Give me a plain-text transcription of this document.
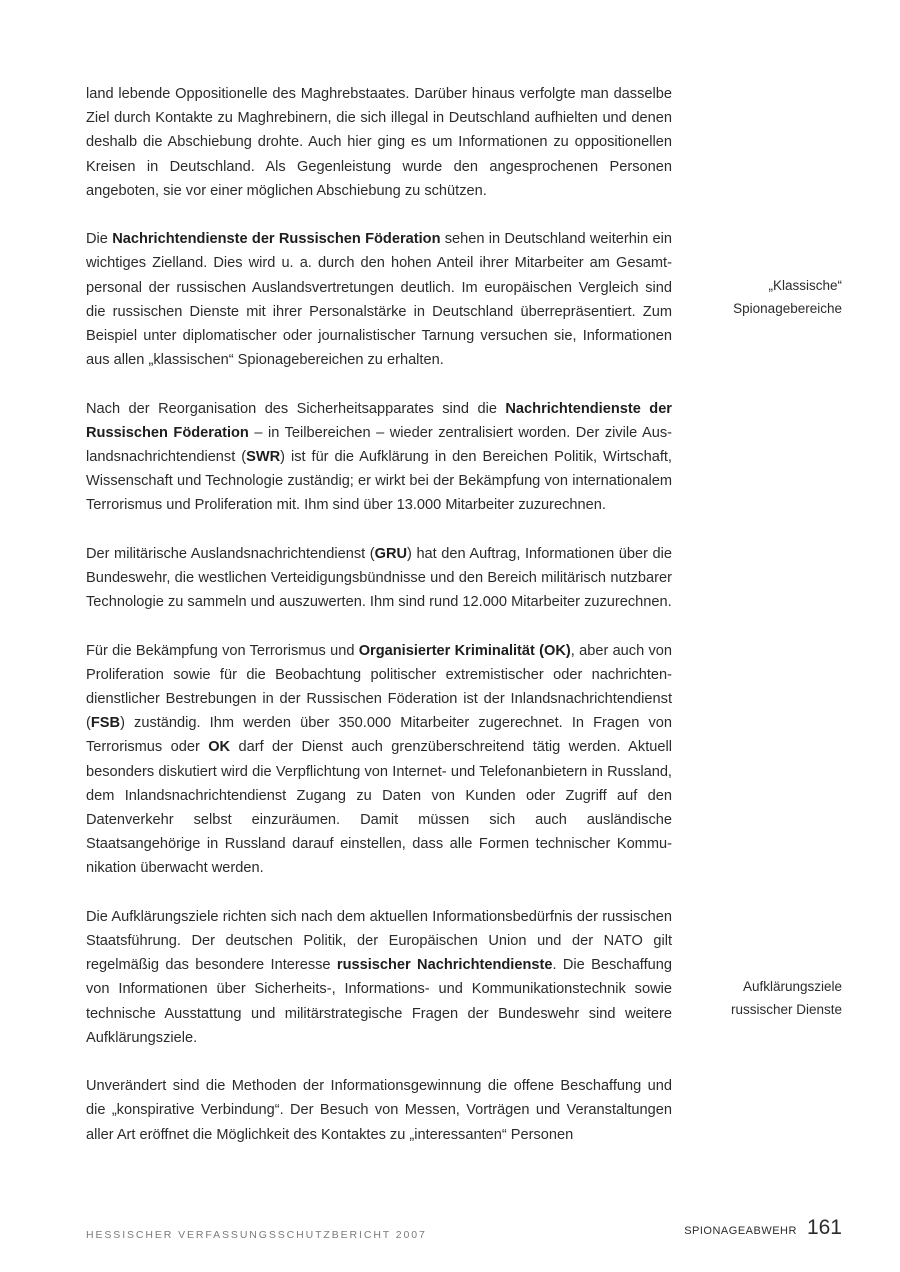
land lebende Oppositionelle des Maghrebstaates. Darüber hinaus verfolgte man dasselbe Ziel durch Kontakte zu Maghrebinern, die sich illegal in Deutschland aufhielten und denen deshalb die Abschiebung drohte. Auch hier ging es um Informationen zu oppositionellen Kreisen in Deutschland. Als Gegenleistung wurde den angesprochenen Personen angeboten, sie vor einer möglichen Abschiebung zu schützen.

Die Nachrichtendienste der Russischen Föderation sehen in Deutschland weiterhin ein wichtiges Zielland. Dies wird u. a. durch den hohen Anteil ihrer Mitarbeiter am Gesamtpersonal der russischen Auslandsvertretungen deutlich. Im europäischen Vergleich sind die russischen Dienste mit ihrer Personalstärke in Deutschland überrepräsentiert. Zum Beispiel unter diplomatischer oder journalistischer Tarnung versuchen sie, Informationen aus allen „klassischen“ Spionagebereichen zu erhalten.

Nach der Reorganisation des Sicherheitsapparates sind die Nachrichtendienste der Russischen Föderation – in Teilbereichen – wieder zentralisiert worden. Der zivile Auslandsnachrichtendienst (SWR) ist für die Aufklärung in den Bereichen Politik, Wirtschaft, Wissenschaft und Technologie zuständig; er wirkt bei der Bekämpfung von internationalem Terrorismus und Proliferation mit. Ihm sind über 13.000 Mitarbeiter zuzurechnen.

Der militärische Auslandsnachrichtendienst (GRU) hat den Auftrag, Informationen über die Bundeswehr, die westlichen Verteidigungsbündnisse und den Bereich militärisch nutzbarer Technologie zu sammeln und auszuwerten. Ihm sind rund 12.000 Mitarbeiter zuzurechnen.

Für die Bekämpfung von Terrorismus und Organisierter Kriminalität (OK), aber auch von Proliferation sowie für die Beobachtung politischer extremistischer oder nachrichtendienstlicher Bestrebungen in der Russischen Föderation ist der Inlandsnachrichtendienst (FSB) zuständig. Ihm werden über 350.000 Mitarbeiter zugerechnet. In Fragen von Terrorismus oder OK darf der Dienst auch grenzüberschreitend tätig werden. Aktuell besonders diskutiert wird die Verpflichtung von Internet- und Telefonanbietern in Russland, dem Inlandsnachrichtendienst Zugang zu Daten von Kunden oder Zugriff auf den Datenverkehr selbst einzuräumen. Damit müssen sich auch ausländische Staatsangehörige in Russland darauf einstellen, dass alle Formen technischer Kommunikation überwacht werden.

Die Aufklärungsziele richten sich nach dem aktuellen Informationsbedürfnis der russischen Staatsführung. Der deutschen Politik, der Europäischen Union und der NATO gilt regelmäßig das besondere Interesse russischer Nachrichtendienste. Die Beschaffung von Informationen über Sicherheits-, Informations- und Kommunikationstechnik sowie technische Ausstattung und militärstrategische Fragen der Bundeswehr sind weitere Aufklärungsziele.

Unverändert sind die Methoden der Informationsgewinnung die offene Beschaffung und die „konspirative Verbindung“. Der Besuch von Messen, Vorträgen und Veranstaltungen aller Art eröffnet die Möglichkeit des Kontaktes zu „interessanten“ Personen

„Klassische“
Spionagebereiche
Aufklärungsziele
russischer Dienste
HESSISCHER VERFASSUNGSSCHUTZBERICHT 2007	SPIONAGEABWEHR 161
